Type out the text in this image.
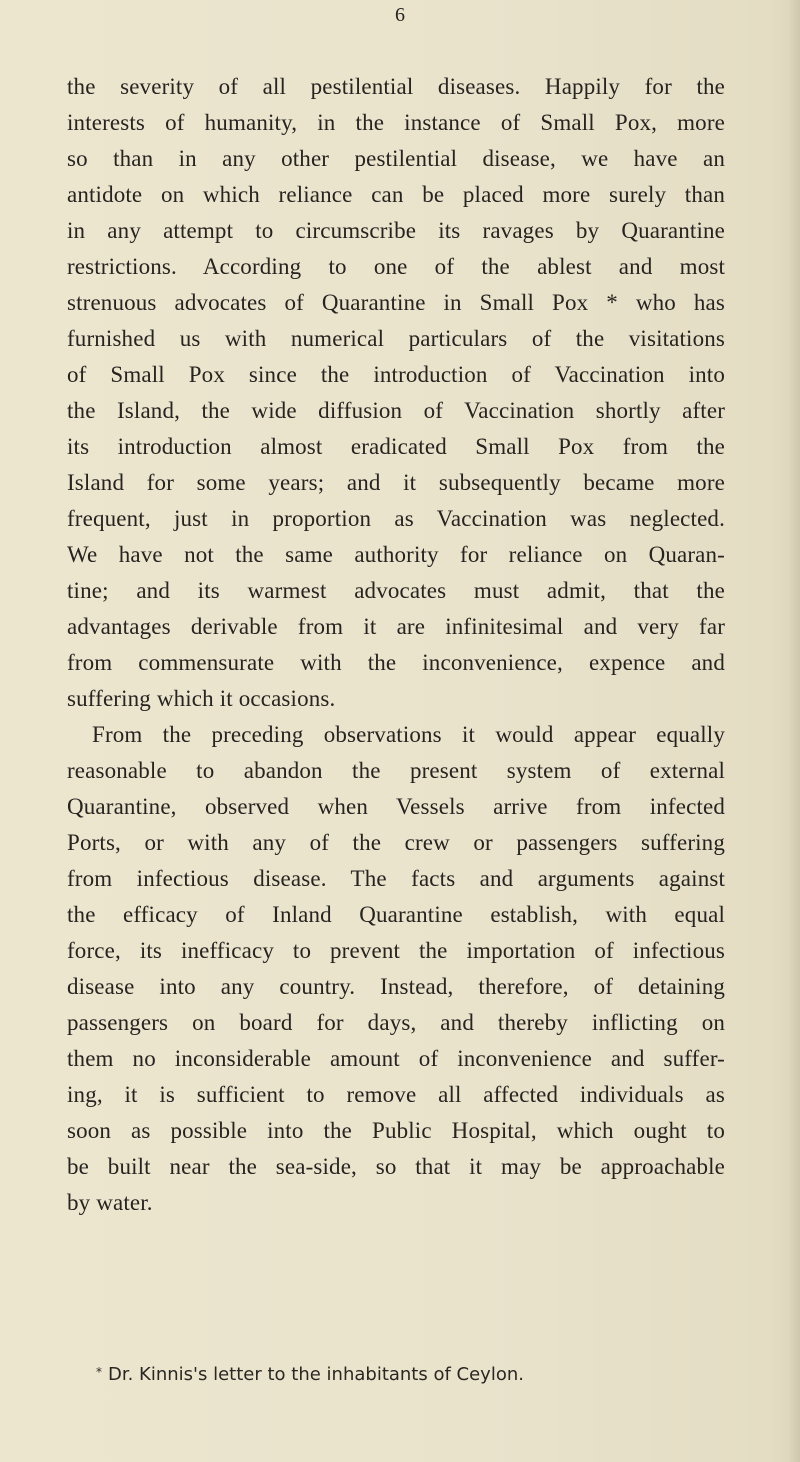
6

the severity of all pestilential diseases. Happily for the

interests of humanity, in the instance of Small Pox, more

so than in any other pestilential disease, we have an

antidote on which reliance can be placed more surely than

in any attempt to circumscribe its ravages by Quarantine

restrictions. According to one of the ablest and most

strenuous advocates of Quarantine in Small Pox * who has

furnished us with numerical particulars of the visitations

of Small Pox since the introduction of Vaccination into

the Island, the wide diffusion of Vaccination shortly after

its introduction almost eradicated Small Pox from the

Island for some years; and it subsequently became more

frequent, just in proportion as Vaccination was neglected.

We have not the same authority for reliance on Quaran-

tine; and its warmest advocates must admit, that the

advantages derivable from it are infinitesimal and very far

from commensurate with the inconvenience, expence and

suffering which it occasions.

From the preceding observations it would appear equally

reasonable to abandon the present system of external

Quarantine, observed when Vessels arrive from infected

Ports, or with any of the crew or passengers suffering

from infectious disease. The facts and arguments against

the efficacy of Inland Quarantine establish, with equal

force, its inefficacy to prevent the importation of infectious

disease into any country. Instead, therefore, of detaining

passengers on board for days, and thereby inflicting on

them no inconsiderable amount of inconvenience and suffer-

ing, it is sufficient to remove all affected individuals as

soon as possible into the Public Hospital, which ought to

be built near the sea-side, so that it may be approachable

by water.

* Dr. Kinnis's letter to the inhabitants of Ceylon.
